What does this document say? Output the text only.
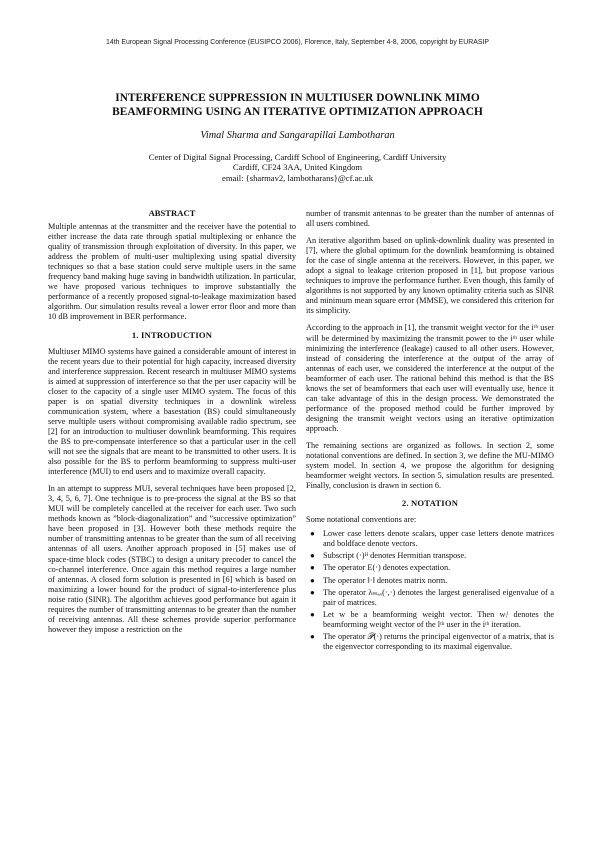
14th European Signal Processing Conference (EUSIPCO 2006), Florence, Italy, September 4-8, 2006, copyright by EURASIP
INTERFERENCE SUPPRESSION IN MULTIUSER DOWNLINK MIMO
BEAMFORMING USING AN ITERATIVE OPTIMIZATION APPROACH
Vimal Sharma and Sangarapillai Lambotharan
Center of Digital Signal Processing, Cardiff School of Engineering, Cardiff University
Cardiff, CF24 3AA, United Kingdom
email: {sharmav2, lambotharans}@cf.ac.uk
ABSTRACT

Multiple antennas at the transmitter and the receiver have the potential to either increase the data rate through spatial multiplexing or enhance the quality of transmission through exploitation of diversity. In this paper, we address the problem of multi-user multiplexing using spatial diversity techniques so that a base station could serve multiple users in the same frequency band making huge saving in bandwidth utilization. In particular, we have proposed various techniques to improve substantially the performance of a recently proposed signal-to-leakage maximization based algorithm. Our simulation results reveal a lower error floor and more than 10 dB improvement in BER performance.

1. INTRODUCTION

Multiuser MIMO systems have gained a considerable amount of interest in the recent years due to their potential for high capacity, increased diversity and interference suppression. Recent research in multiuser MIMO systems is aimed at suppression of interference so that the per user capacity will be closer to the capacity of a single user MIMO system. The focus of this paper is on spatial diversity techniques in a downlink wireless communication system, where a basestation (BS) could simultaneously serve multiple users without compromising available radio spectrum, see [2] for an introduction to multiuser downlink beamforming. This requires the BS to pre-compensate interference so that a particular user in the cell will not see the signals that are meant to be transmitted to other users. It is also possible for the BS to perform beamforming to suppress multi-user interference (MUI) to end users and to maximize overall capacity.

In an attempt to suppress MUI, several techniques have been proposed [2, 3, 4, 5, 6, 7]. One technique is to pre-process the signal at the BS so that MUI will be completely cancelled at the receiver for each user. Two such methods known as ”block-diagonalization” and ”successive optimization” have been proposed in [3]. However both these methods require the number of transmitting antennas to be greater than the sum of all receiving antennas of all users. Another approach proposed in [5] makes use of space-time block codes (STBC) to design a unitary precoder to cancel the co-channel interference. Once again this method requires a large number of antennas. A closed form solution is presented in [6] which is based on maximizing a lower bound for the product of signal-to-interference plus noise ratio (SINR). The algorithm achieves good performance but again it requires the number of transmitting antennas to be greater than the number of receiving antennas. All these schemes provide superior performance however they impose a restriction on the

number of transmit antennas to be greater than the number of antennas of all users combined.

An iterative algorithm based on uplink-downlink duality was presented in [7], where the global optimum for the downlink beamforming is obtained for the case of single antenna at the receivers. However, in this paper, we adopt a signal to leakage criterion proposed in [1], but propose various techniques to improve the performance further. Even though, this family of algorithms is not supported by any known optimality criteria such as SINR and minimum mean square error (MMSE), we considered this criterion for its simplicity.

According to the approach in [1], the transmit weight vector for the iᵗʰ user will be determined by maximizing the transmit power to the iᵗʰ user while minimizing the interference (leakage) caused to all other users. However, instead of considering the interference at the output of the array of antennas of each user, we considered the interference at the output of the beamformer of each user. The rational behind this method is that the BS knows the set of beamformers that each user will eventually use, hence it can take advantage of this in the design process. We demonstrated the performance of the proposed method could be further improved by designing the transmit weight vectors using an iterative optimization approach.

The remaining sections are organized as follows. In section 2, some notational conventions are defined. In section 3, we define the MU-MIMO system model. In section 4, we propose the algorithm for designing beamformer weight vectors. In section 5, simulation results are presented. Finally, conclusion is drawn in section 6.

2. NOTATION

Some notational conventions are:

● Lower case letters denote scalars, upper case letters denote matrices and boldface denote vectors.
● Subscript (·)ᴴ denotes Hermitian transpose.
● The operator E(·) denotes expectation.
● The operator ‖·‖ denotes matrix norm.
● The operator λₘₐₓ(·,·) denotes the largest generalised eigenvalue of a pair of matrices.
● Let w be a beamforming weight vector. Then wᵢˡ denotes the beamforming weight vector of the lᵗʰ user in the iᵗʰ iteration.
● The operator 𝒫(·) returns the principal eigenvector of a matrix, that is the eigenvector corresponding to its maximal eigenvalue.
